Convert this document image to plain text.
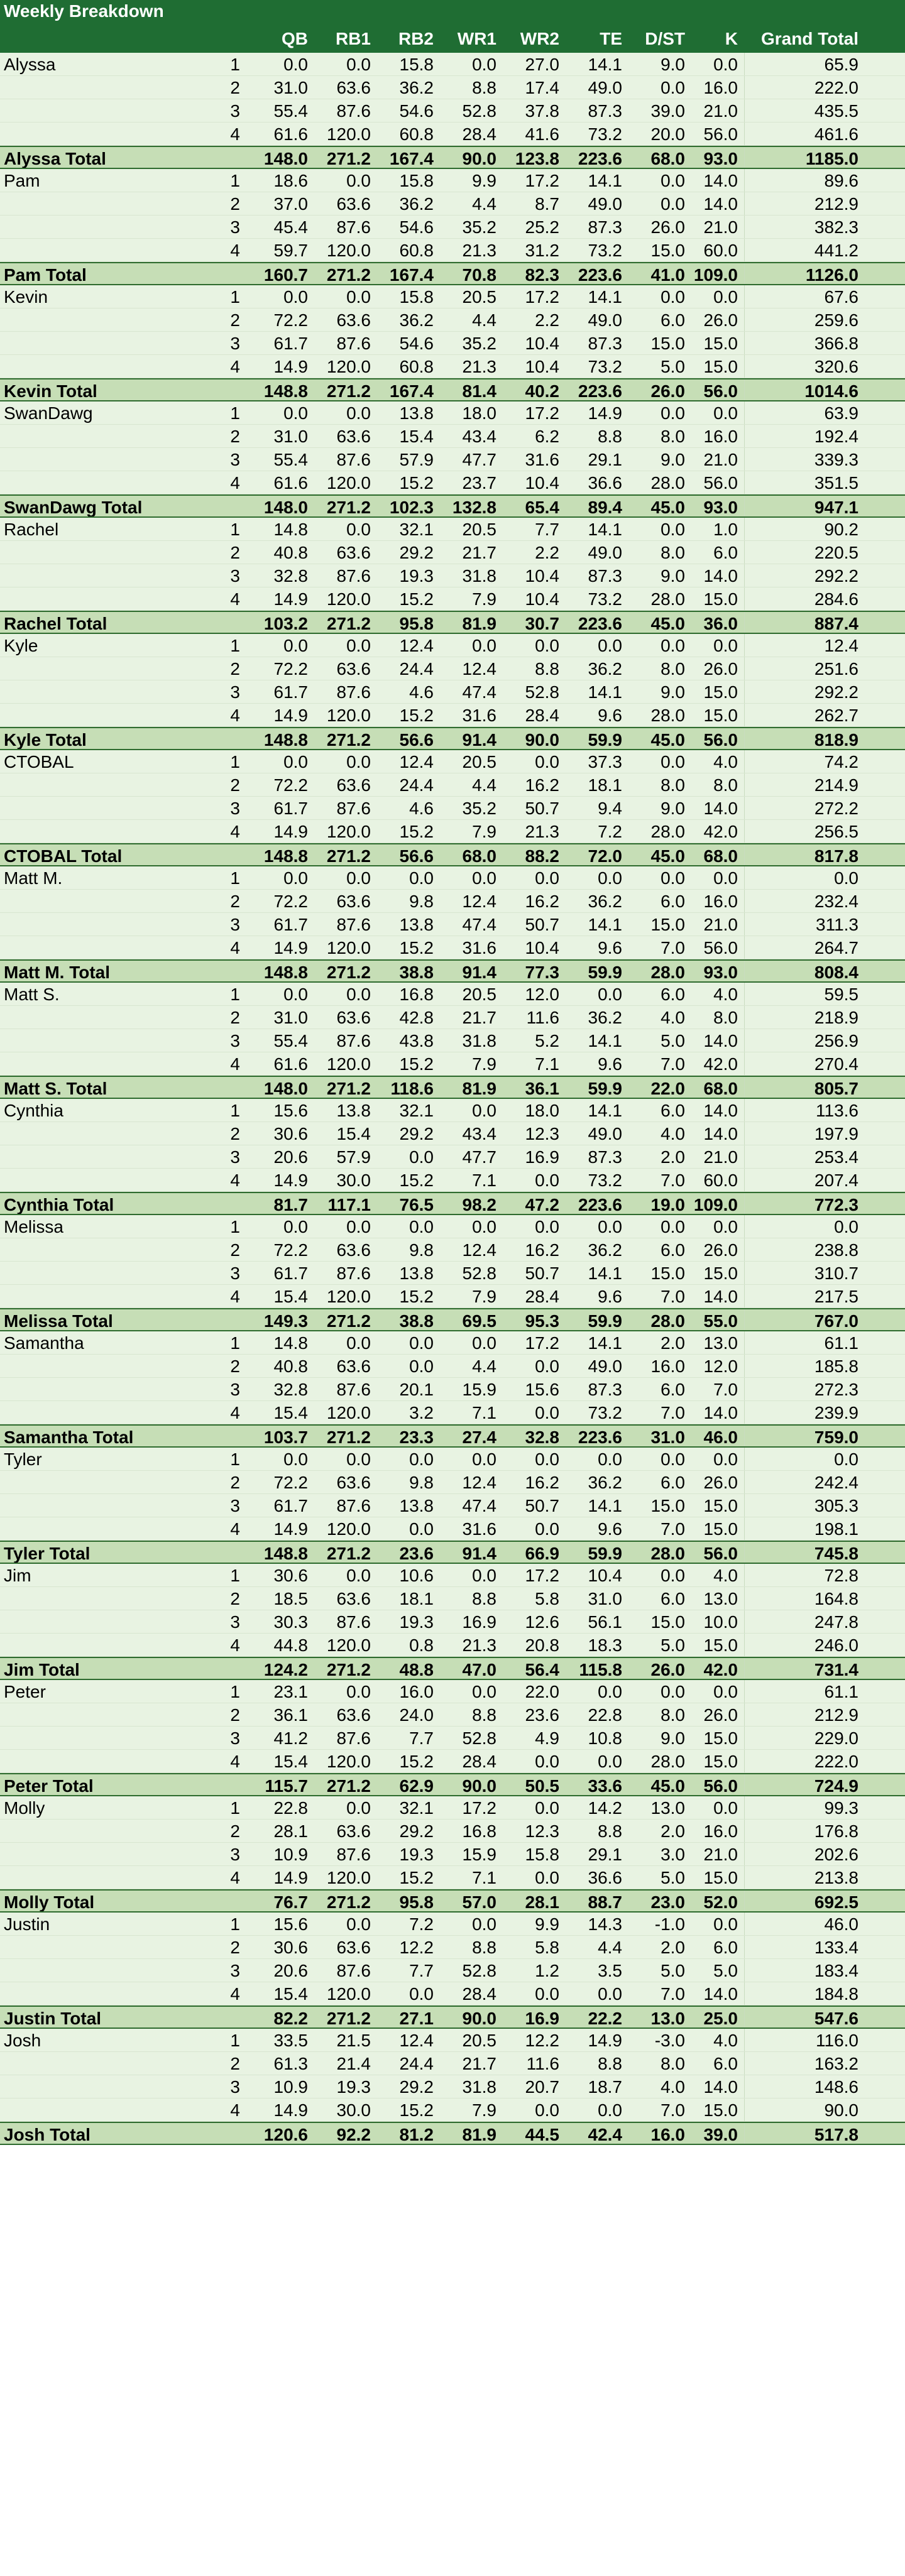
Weekly Breakdown
QB	RB1	RB2	WR1	WR2	TE	D/ST	K	Grand Total
Alyssa	1	0.0	0.0	15.8	0.0	27.0	14.1	9.0	0.0	65.9
2	31.0	63.6	36.2	8.8	17.4	49.0	0.0	16.0	222.0
3	55.4	87.6	54.6	52.8	37.8	87.3	39.0	21.0	435.5
4	61.6	120.0	60.8	28.4	41.6	73.2	20.0	56.0	461.6
Alyssa Total	148.0	271.2	167.4	90.0	123.8	223.6	68.0	93.0	1185.0
Pam	1	18.6	0.0	15.8	9.9	17.2	14.1	0.0	14.0	89.6
2	37.0	63.6	36.2	4.4	8.7	49.0	0.0	14.0	212.9
3	45.4	87.6	54.6	35.2	25.2	87.3	26.0	21.0	382.3
4	59.7	120.0	60.8	21.3	31.2	73.2	15.0	60.0	441.2
Pam Total	160.7	271.2	167.4	70.8	82.3	223.6	41.0 109.0	1126.0
Kevin	1	0.0	0.0	15.8	20.5	17.2	14.1	0.0	0.0	67.6
2	72.2	63.6	36.2	4.4	2.2	49.0	6.0	26.0	259.6
3	61.7	87.6	54.6	35.2	10.4	87.3	15.0	15.0	366.8
4	14.9	120.0	60.8	21.3	10.4	73.2	5.0	15.0	320.6
Kevin Total	148.8	271.2	167.4	81.4	40.2	223.6	26.0	56.0	1014.6
SwanDawg	1	0.0	0.0	13.8	18.0	17.2	14.9	0.0	0.0	63.9
2	31.0	63.6	15.4	43.4	6.2	8.8	8.0	16.0	192.4
3	55.4	87.6	57.9	47.7	31.6	29.1	9.0	21.0	339.3
4	61.6	120.0	15.2	23.7	10.4	36.6	28.0	56.0	351.5
SwanDawg Total	148.0	271.2	102.3	132.8	65.4	89.4	45.0	93.0	947.1
Rachel	1	14.8	0.0	32.1	20.5	7.7	14.1	0.0	1.0	90.2
2	40.8	63.6	29.2	21.7	2.2	49.0	8.0	6.0	220.5
3	32.8	87.6	19.3	31.8	10.4	87.3	9.0	14.0	292.2
4	14.9	120.0	15.2	7.9	10.4	73.2	28.0	15.0	284.6
Rachel Total	103.2	271.2	95.8	81.9	30.7	223.6	45.0	36.0	887.4
Kyle	1	0.0	0.0	12.4	0.0	0.0	0.0	0.0	0.0	12.4
2	72.2	63.6	24.4	12.4	8.8	36.2	8.0	26.0	251.6
3	61.7	87.6	4.6	47.4	52.8	14.1	9.0	15.0	292.2
4	14.9	120.0	15.2	31.6	28.4	9.6	28.0	15.0	262.7
Kyle Total	148.8	271.2	56.6	91.4	90.0	59.9	45.0	56.0	818.9
CTOBAL	1	0.0	0.0	12.4	20.5	0.0	37.3	0.0	4.0	74.2
2	72.2	63.6	24.4	4.4	16.2	18.1	8.0	8.0	214.9
3	61.7	87.6	4.6	35.2	50.7	9.4	9.0	14.0	272.2
4	14.9	120.0	15.2	7.9	21.3	7.2	28.0	42.0	256.5
CTOBAL Total	148.8	271.2	56.6	68.0	88.2	72.0	45.0	68.0	817.8
Matt M.	1	0.0	0.0	0.0	0.0	0.0	0.0	0.0	0.0	0.0
2	72.2	63.6	9.8	12.4	16.2	36.2	6.0	16.0	232.4
3	61.7	87.6	13.8	47.4	50.7	14.1	15.0	21.0	311.3
4	14.9	120.0	15.2	31.6	10.4	9.6	7.0	56.0	264.7
Matt M. Total	148.8	271.2	38.8	91.4	77.3	59.9	28.0	93.0	808.4
Matt S.	1	0.0	0.0	16.8	20.5	12.0	0.0	6.0	4.0	59.5
2	31.0	63.6	42.8	21.7	11.6	36.2	4.0	8.0	218.9
3	55.4	87.6	43.8	31.8	5.2	14.1	5.0	14.0	256.9
4	61.6	120.0	15.2	7.9	7.1	9.6	7.0	42.0	270.4
Matt S. Total	148.0	271.2	118.6	81.9	36.1	59.9	22.0	68.0	805.7
Cynthia	1	15.6	13.8	32.1	0.0	18.0	14.1	6.0	14.0	113.6
2	30.6	15.4	29.2	43.4	12.3	49.0	4.0	14.0	197.9
3	20.6	57.9	0.0	47.7	16.9	87.3	2.0	21.0	253.4
4	14.9	30.0	15.2	7.1	0.0	73.2	7.0	60.0	207.4
Cynthia Total	81.7	117.1	76.5	98.2	47.2	223.6	19.0 109.0	772.3
Melissa	1	0.0	0.0	0.0	0.0	0.0	0.0	0.0	0.0	0.0
2	72.2	63.6	9.8	12.4	16.2	36.2	6.0	26.0	238.8
3	61.7	87.6	13.8	52.8	50.7	14.1	15.0	15.0	310.7
4	15.4	120.0	15.2	7.9	28.4	9.6	7.0	14.0	217.5
Melissa Total	149.3	271.2	38.8	69.5	95.3	59.9	28.0	55.0	767.0
Samantha	1	14.8	0.0	0.0	0.0	17.2	14.1	2.0	13.0	61.1
2	40.8	63.6	0.0	4.4	0.0	49.0	16.0	12.0	185.8
3	32.8	87.6	20.1	15.9	15.6	87.3	6.0	7.0	272.3
4	15.4	120.0	3.2	7.1	0.0	73.2	7.0	14.0	239.9
Samantha Total	103.7	271.2	23.3	27.4	32.8	223.6	31.0	46.0	759.0
Tyler	1	0.0	0.0	0.0	0.0	0.0	0.0	0.0	0.0	0.0
2	72.2	63.6	9.8	12.4	16.2	36.2	6.0	26.0	242.4
3	61.7	87.6	13.8	47.4	50.7	14.1	15.0	15.0	305.3
4	14.9	120.0	0.0	31.6	0.0	9.6	7.0	15.0	198.1
Tyler Total	148.8	271.2	23.6	91.4	66.9	59.9	28.0	56.0	745.8
Jim	1	30.6	0.0	10.6	0.0	17.2	10.4	0.0	4.0	72.8
2	18.5	63.6	18.1	8.8	5.8	31.0	6.0	13.0	164.8
3	30.3	87.6	19.3	16.9	12.6	56.1	15.0	10.0	247.8
4	44.8	120.0	0.8	21.3	20.8	18.3	5.0	15.0	246.0
Jim Total	124.2	271.2	48.8	47.0	56.4	115.8	26.0	42.0	731.4
Peter	1	23.1	0.0	16.0	0.0	22.0	0.0	0.0	0.0	61.1
2	36.1	63.6	24.0	8.8	23.6	22.8	8.0	26.0	212.9
3	41.2	87.6	7.7	52.8	4.9	10.8	9.0	15.0	229.0
4	15.4	120.0	15.2	28.4	0.0	0.0	28.0	15.0	222.0
Peter Total	115.7	271.2	62.9	90.0	50.5	33.6	45.0	56.0	724.9
Molly	1	22.8	0.0	32.1	17.2	0.0	14.2	13.0	0.0	99.3
2	28.1	63.6	29.2	16.8	12.3	8.8	2.0	16.0	176.8
3	10.9	87.6	19.3	15.9	15.8	29.1	3.0	21.0	202.6
4	14.9	120.0	15.2	7.1	0.0	36.6	5.0	15.0	213.8
Molly Total	76.7	271.2	95.8	57.0	28.1	88.7	23.0	52.0	692.5
Justin	1	15.6	0.0	7.2	0.0	9.9	14.3	-1.0	0.0	46.0
2	30.6	63.6	12.2	8.8	5.8	4.4	2.0	6.0	133.4
3	20.6	87.6	7.7	52.8	1.2	3.5	5.0	5.0	183.4
4	15.4	120.0	0.0	28.4	0.0	0.0	7.0	14.0	184.8
Justin Total	82.2	271.2	27.1	90.0	16.9	22.2	13.0	25.0	547.6
Josh	1	33.5	21.5	12.4	20.5	12.2	14.9	-3.0	4.0	116.0
2	61.3	21.4	24.4	21.7	11.6	8.8	8.0	6.0	163.2
3	10.9	19.3	29.2	31.8	20.7	18.7	4.0	14.0	148.6
4	14.9	30.0	15.2	7.9	0.0	0.0	7.0	15.0	90.0
Josh Total	120.6	92.2	81.2	81.9	44.5	42.4	16.0	39.0	517.8
